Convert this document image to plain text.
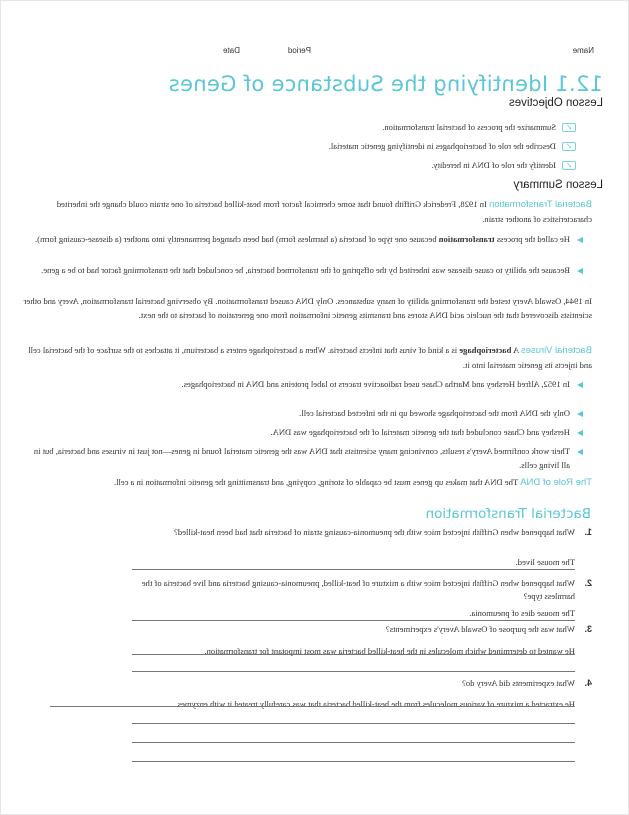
Name
Period
Date
12.1 Identifying the Substance of Genes
Lesson Objectives
✓
Summarize the process of bacterial transformation.
✓
Describe the role of bacteriophages in identifying genetic material.
✓
Identify the role of DNA in heredity.
Lesson Summary
Bacterial Transformation In 1928, Frederick Griffith found that some chemical factor from heat-killed bacteria of one strain could change the inherited characteristics of another strain.
He called the process transformation because one type of bacteria (a harmless form) had been changed permanently into another (a disease-causing form).
Because the ability to cause disease was inherited by the offspring of the transformed bacteria, he concluded that the transforming factor had to be a gene.
In 1944, Oswald Avery tested the transforming ability of many substances. Only DNA caused transformation. By observing bacterial transformation, Avery and other scientists discovered that the nucleic acid DNA stores and transmits genetic information from one generation of bacteria to the next.
Bacterial Viruses A bacteriophage is a kind of virus that infects bacteria. When a bacteriophage enters a bacterium, it attaches to the surface of the bacterial cell and injects its genetic material into it.
In 1952, Alfred Hershey and Martha Chase used radioactive tracers to label proteins and DNA in bacteriophages.
Only the DNA from the bacteriophage showed up in the infected bacterial cell.
Hershey and Chase concluded that the genetic material of the bacteriophage was DNA.
Their work confirmed Avery's results, convincing many scientists that DNA was the genetic material found in genes—not just in viruses and bacteria, but in all living cells.
The Role of DNA The DNA that makes up genes must be capable of storing, copying, and transmitting the genetic information in a cell.
Bacterial Transformation
1.
What happened when Griffith injected mice with the pneumonia-causing strain of bacteria that had been heat-killed?
The mouse lived.
2.
What happened when Griffith injected mice with a mixture of heat-killed, pneumonia-causing bacteria and live bacteria of the harmless type?
The mouse dies of pneumonia.
3.
What was the purpose of Oswald Avery's experiments?
He wanted to determined which molecules in the heat-killed bacteria was most impotant for transformation.
4.
What experiments did Avery do?
He extracted a mixture of various molecules from the heat-killed bacteria that was carefully treated it with enzymes.
